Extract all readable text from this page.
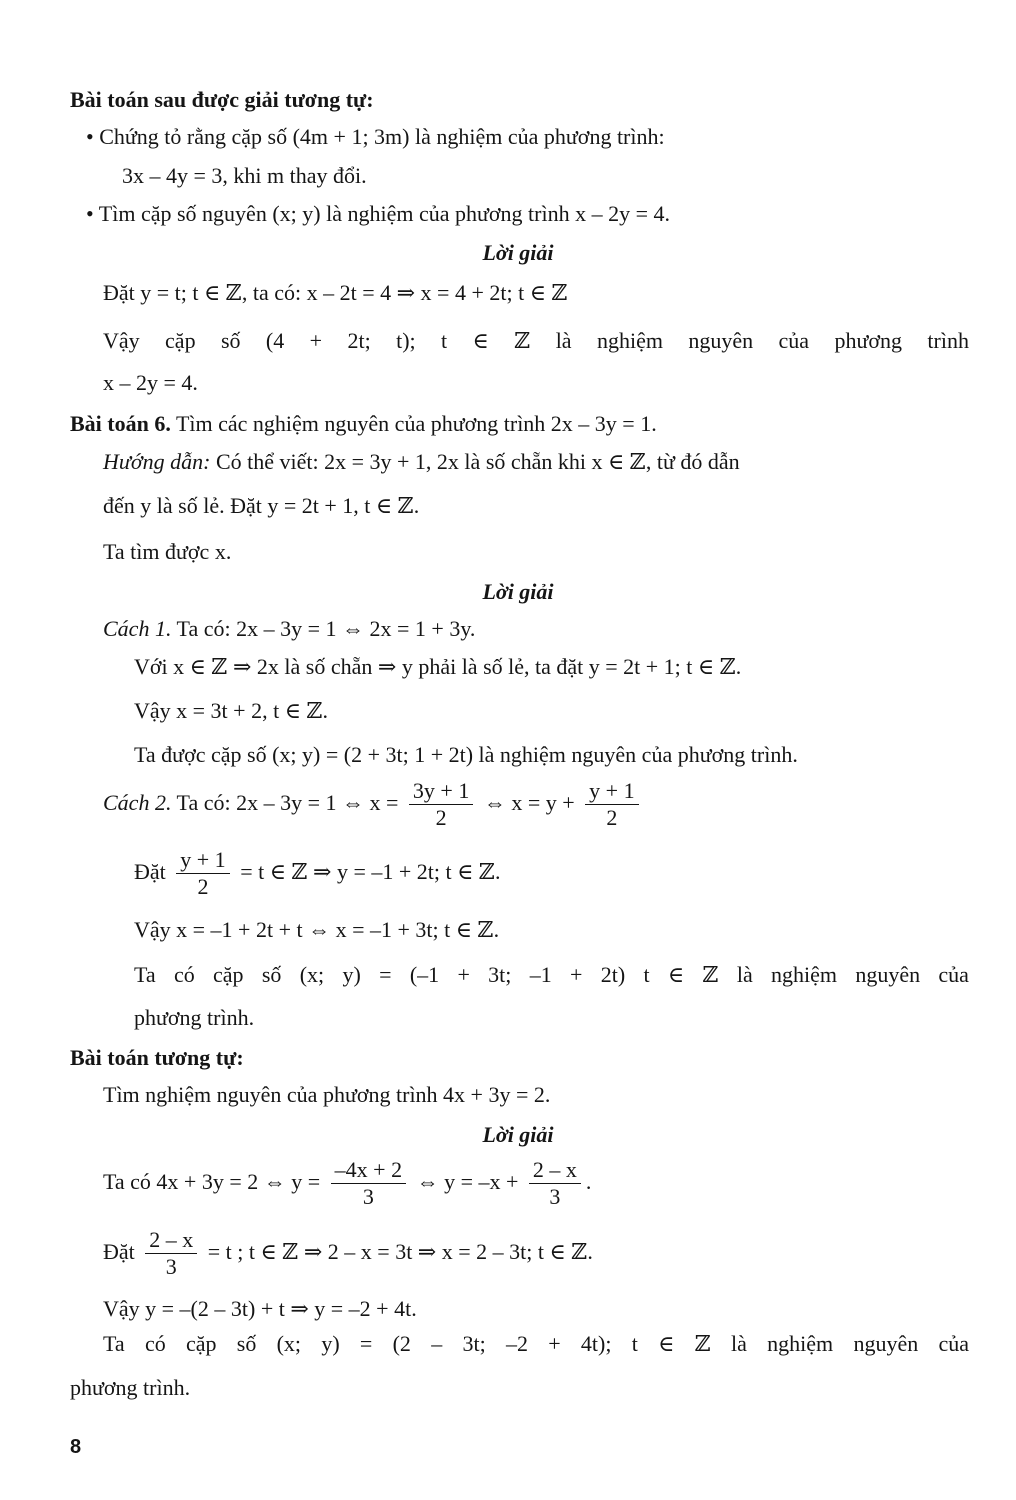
Bài toán sau được giải tương tự:
• Chứng tỏ rằng cặp số (4m + 1; 3m) là nghiệm của phương trình:
3x – 4y = 3, khi m thay đổi.
• Tìm cặp số nguyên (x; y) là nghiệm của phương trình x – 2y = 4.
Lời giải
Đặt y = t; t ∈ ℤ, ta có: x – 2t = 4 ⇒ x = 4 + 2t; t ∈ ℤ
Vậy cặp số (4 + 2t; t); t ∈ ℤ là nghiệm nguyên của phương trình
x – 2y = 4.
Bài toán 6. Tìm các nghiệm nguyên của phương trình 2x – 3y = 1.
Hướng dẫn: Có thể viết: 2x = 3y + 1, 2x là số chẵn khi x ∈ ℤ, từ đó dẫn
đến y là số lẻ. Đặt y = 2t + 1, t ∈ ℤ.
Ta tìm được x.
Lời giải
Cách 1. Ta có: 2x – 3y = 1 ⇔ 2x = 1 + 3y.
Với x ∈ ℤ ⇒ 2x là số chẵn ⇒ y phải là số lẻ, ta đặt y = 2t + 1; t ∈ ℤ.
Vậy x = 3t + 2, t ∈ ℤ.
Ta được cặp số (x; y) = (2 + 3t; 1 + 2t) là nghiệm nguyên của phương trình.
Cách 2. Ta có: 2x – 3y = 1 ⇔ $x = \frac{3y + 1}{2}$ ⇔ $x = y + \frac{y + 1}{2}$
Đặt $\frac{y + 1}{2} = t$ ∈ ℤ ⇒ y = –1 + 2t; t ∈ ℤ.
Vậy x = –1 + 2t + t ⇔ x = –1 + 3t; t ∈ ℤ.
Ta có cặp số (x; y) = (–1 + 3t; –1 + 2t) t ∈ ℤ là nghiệm nguyên của
phương trình.
Bài toán tương tự:
Tìm nghiệm nguyên của phương trình 4x + 3y = 2.
Lời giải
Ta có 4x + 3y = 2 ⇔ $y = \frac{-4x + 2}{3}$ ⇔ $y = -x + \frac{2 - x}{3}$ .
Đặt $\frac{2 - x}{3} = t$ ; t ∈ ℤ ⇒ 2 – x = 3t ⇒ x = 2 – 3t; t ∈ ℤ.
Vậy y = –(2 – 3t) + t ⇒ y = –2 + 4t.
Ta có cặp số (x; y) = (2 – 3t; –2 + 4t); t ∈ ℤ là nghiệm nguyên của
phương trình.
8
